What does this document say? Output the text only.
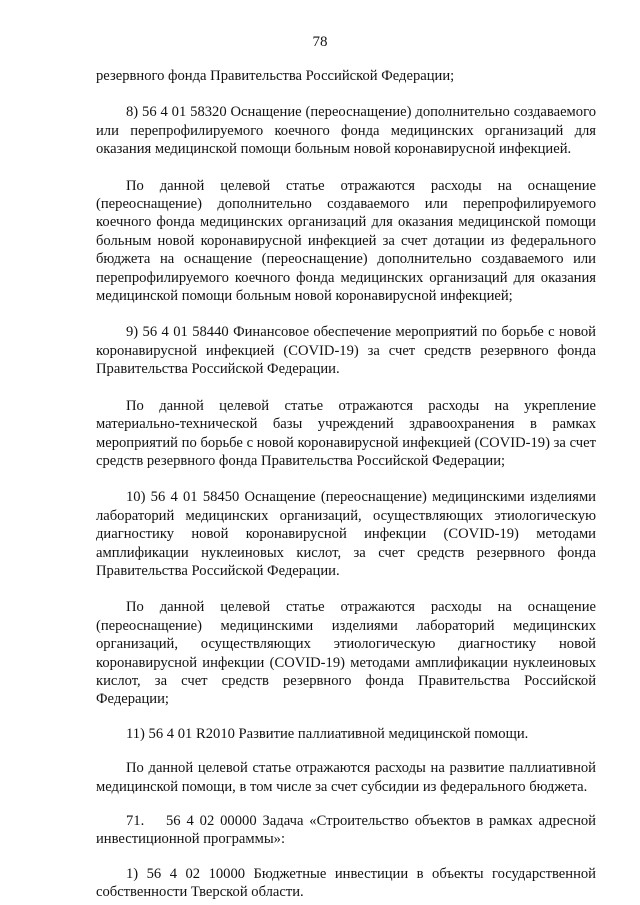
78

резервного фонда Правительства Российской Федерации;

8) 56 4 01 58320 Оснащение (переоснащение) дополнительно создаваемого или перепрофилируемого коечного фонда медицинских организаций для оказания медицинской помощи больным новой коронавирусной инфекцией.

По данной целевой статье отражаются расходы на оснащение (переоснащение) дополнительно создаваемого или перепрофилируемого коечного фонда медицинских организаций для оказания медицинской помощи больным новой коронавирусной инфекцией за счет дотации из федерального бюджета на оснащение (переоснащение) дополнительно создаваемого или перепрофилируемого коечного фонда медицинских организаций для оказания медицинской помощи больным новой коронавирусной инфекцией;

9) 56 4 01 58440 Финансовое обеспечение мероприятий по борьбе с новой коронавирусной инфекцией (COVID-19) за счет средств резервного фонда Правительства Российской Федерации.

По данной целевой статье отражаются расходы на укрепление материально-технической базы учреждений здравоохранения в рамках мероприятий по борьбе с новой коронавирусной инфекцией (COVID-19) за счет средств резервного фонда Правительства Российской Федерации;

10) 56 4 01 58450 Оснащение (переоснащение) медицинскими изделиями лабораторий медицинских организаций, осуществляющих этиологическую диагностику новой коронавирусной инфекции (COVID-19) методами амплификации нуклеиновых кислот, за счет средств резервного фонда Правительства Российской Федерации.

По данной целевой статье отражаются расходы на оснащение (переоснащение) медицинскими изделиями лабораторий медицинских организаций, осуществляющих этиологическую диагностику новой коронавирусной инфекции (COVID-19) методами амплификации нуклеиновых кислот, за счет средств резервного фонда Правительства Российской Федерации;

11) 56 4 01 R2010 Развитие паллиативной медицинской помощи.

По данной целевой статье отражаются расходы на развитие паллиативной медицинской помощи, в том числе за счет субсидии из федерального бюджета.

71. 56 4 02 00000 Задача «Строительство объектов в рамках адресной инвестиционной программы»:

1) 56 4 02 10000 Бюджетные инвестиции в объекты государственной собственности Тверской области.
